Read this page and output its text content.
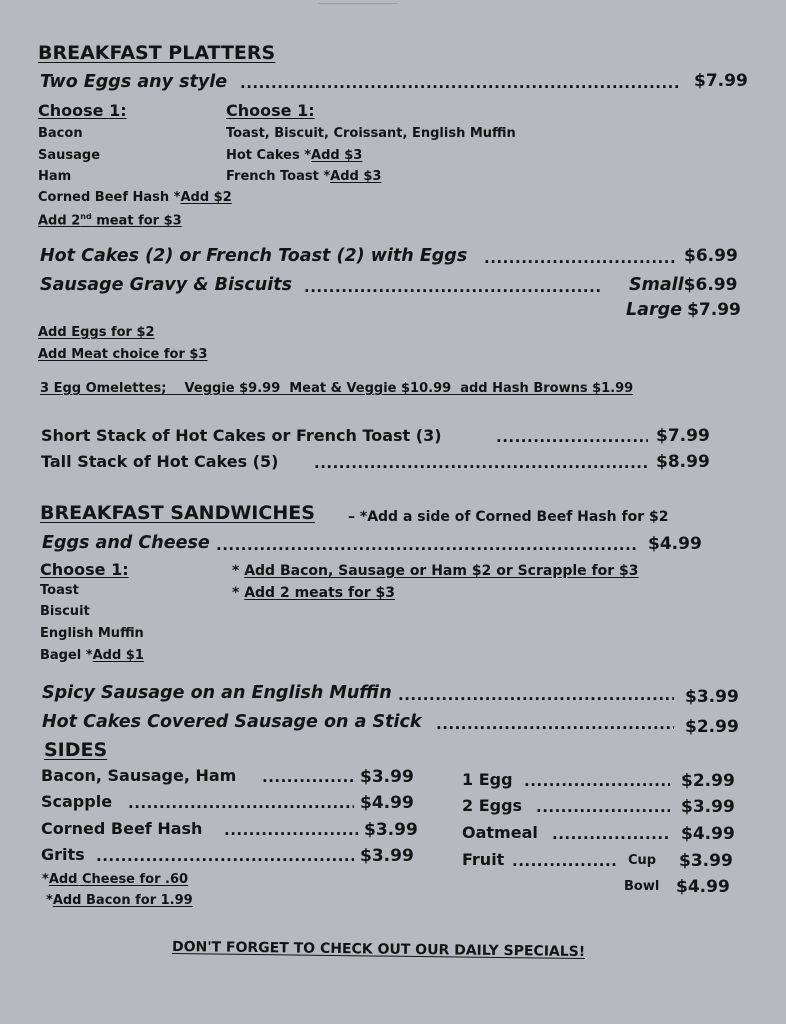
BREAKFAST PLATTERS
Two Eggs any style .....	$7.99
Choose 1:	Choose 1:
Bacon
Sausage
Ham
Corned Beef Hash *Add $2
Add 2nd meat for $3
Toast, Biscuit, Croissant, English Muffin
Hot Cakes *Add $3
French Toast *Add $3
Hot Cakes (2) or French Toast (2) with Eggs .....	$6.99
Sausage Gravy & Biscuits .....	Small$6.99
Large $7.99
Add Eggs for $2
Add Meat choice for $3
3 Egg Omelettes;    Veggie $9.99  Meat & Veggie $10.99  add Hash Browns $1.99
Short Stack of Hot Cakes or French Toast (3) .....	$7.99
Tall Stack of Hot Cakes (5) .....	$8.99
BREAKFAST SANDWICHES – *Add a side of Corned Beef Hash for $2
Eggs and Cheese .....	$4.99
Choose 1:
Toast
Biscuit
English Muffin
Bagel *Add $1
* Add Bacon, Sausage or Ham $2 or Scrapple for $3
* Add 2 meats for $3
Spicy Sausage on an English Muffin .....	$3.99
Hot Cakes Covered Sausage on a Stick .....	$2.99
SIDES
Bacon, Sausage, Ham .....	$3.99
Scapple .....	$4.99
Corned Beef Hash .....	$3.99
Grits .....	$3.99
*Add Cheese for .60
*Add Bacon for 1.99
1 Egg .....	$2.99
2 Eggs .....	$3.99
Oatmeal .....	$4.99
Fruit .....	Cup $3.99
Bowl $4.99
DON'T FORGET TO CHECK OUT OUR DAILY SPECIALS!
